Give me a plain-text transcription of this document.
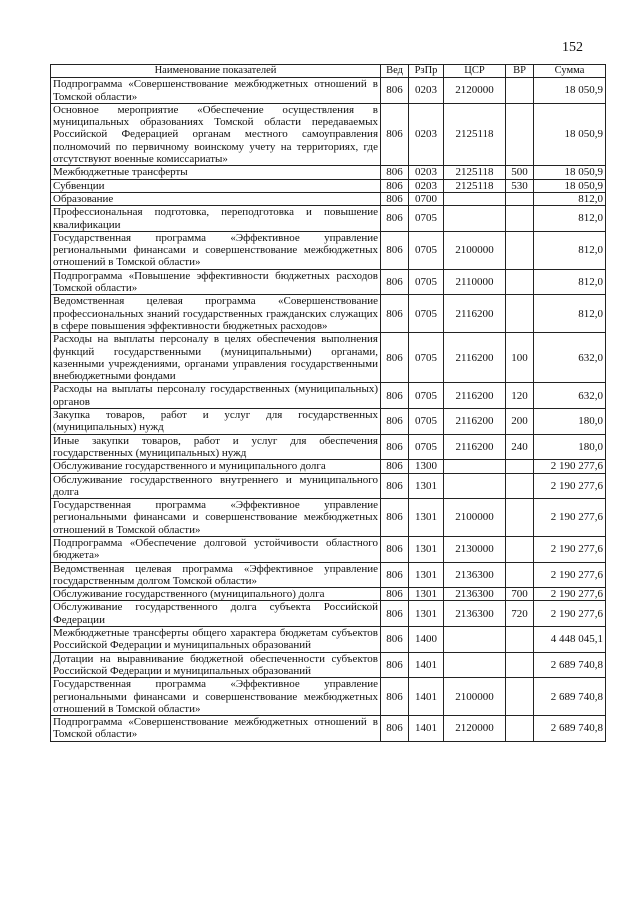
152
Наименование показателей	Вед	РзПр	ЦСР	ВР	Сумма
Подпрограмма «Совершенствование межбюджетных отношений в Томской области»	806	0203	2120000		18 050,9
Основное мероприятие «Обеспечение осуществления в муниципальных образованиях Томской области передаваемых Российской Федерацией органам местного самоуправления полномочий по первичному воинскому учету на территориях, где отсутствуют военные комиссариаты»	806	0203	2125118		18 050,9
Межбюджетные трансферты	806	0203	2125118	500	18 050,9
Субвенции	806	0203	2125118	530	18 050,9
Образование	806	0700			812,0
Профессиональная подготовка, переподготовка и повышение квалификации	806	0705			812,0
Государственная программа «Эффективное управление региональными финансами и совершенствование межбюджетных отношений в Томской области»	806	0705	2100000		812,0
Подпрограмма «Повышение эффективности бюджетных расходов Томской области»	806	0705	2110000		812,0
Ведомственная целевая программа «Совершенствование профессиональных знаний государственных гражданских служащих в сфере повышения эффективности бюджетных расходов»	806	0705	2116200		812,0
Расходы на выплаты персоналу в целях обеспечения выполнения функций государственными (муниципальными) органами, казенными учреждениями, органами управления государственными внебюджетными фондами	806	0705	2116200	100	632,0
Расходы на выплаты персоналу государственных (муниципальных) органов	806	0705	2116200	120	632,0
Закупка товаров, работ и услуг для государственных (муниципальных) нужд	806	0705	2116200	200	180,0
Иные закупки товаров, работ и услуг для обеспечения государственных (муниципальных) нужд	806	0705	2116200	240	180,0
Обслуживание государственного и муниципального долга	806	1300			2 190 277,6
Обслуживание государственного внутреннего и муниципального долга	806	1301			2 190 277,6
Государственная программа «Эффективное управление региональными финансами и совершенствование межбюджетных отношений в Томской области»	806	1301	2100000		2 190 277,6
Подпрограмма «Обеспечение долговой устойчивости областного бюджета»	806	1301	2130000		2 190 277,6
Ведомственная целевая программа «Эффективное управление государственным долгом Томской области»	806	1301	2136300		2 190 277,6
Обслуживание государственного (муниципального) долга	806	1301	2136300	700	2 190 277,6
Обслуживание государственного долга субъекта Российской Федерации	806	1301	2136300	720	2 190 277,6
Межбюджетные трансферты общего характера бюджетам субъектов Российской Федерации и муниципальных образований	806	1400			4 448 045,1
Дотации на выравнивание бюджетной обеспеченности субъектов Российской Федерации и муниципальных образований	806	1401			2 689 740,8
Государственная программа «Эффективное управление региональными финансами и совершенствование межбюджетных отношений в Томской области»	806	1401	2100000		2 689 740,8
Подпрограмма «Совершенствование межбюджетных отношений в Томской области»	806	1401	2120000		2 689 740,8
